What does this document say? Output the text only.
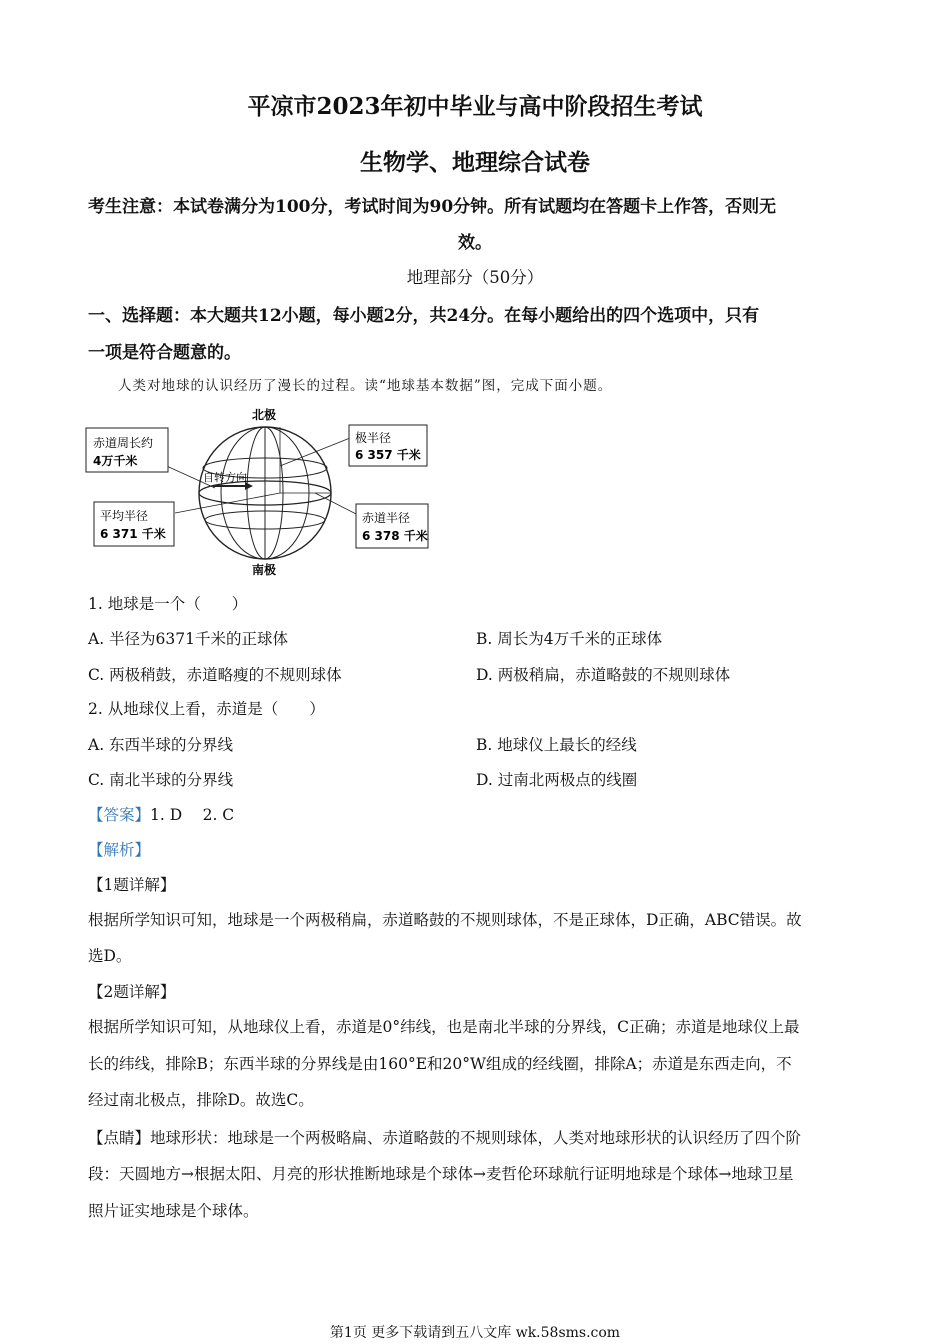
平凉市2023年初中毕业与高中阶段招生考试
生物学、地理综合试卷
考生注意：本试卷满分为100分，考试时间为90分钟。所有试题均在答题卡上作答，否则无
效。
地理部分（50分）
一、选择题：本大题共12小题，每小题2分，共24分。在每小题给出的四个选项中，只有
一项是符合题意的。
人类对地球的认识经历了漫长的过程。读“地球基本数据”图，完成下面小题。
北极
南极
赤道周长约
4万千米
极半径
6 357 千米
自转方向
平均半径
6 371 千米
赤道半径
6 378 千米
1. 地球是一个（　　）
A. 半径为6371千米的正球体	B. 周长为4万千米的正球体
C. 两极稍鼓，赤道略瘦的不规则球体	D. 两极稍扁，赤道略鼓的不规则球体
2. 从地球仪上看，赤道是（　　）
A. 东西半球的分界线	B. 地球仪上最长的经线
C. 南北半球的分界线	D. 过南北两极点的线圈
【答案】1. D　 2. C
【解析】
【1题详解】
根据所学知识可知，地球是一个两极稍扁，赤道略鼓的不规则球体，不是正球体，D正确，ABC错误。故
选D。
【2题详解】
根据所学知识可知，从地球仪上看，赤道是0°纬线，也是南北半球的分界线，C正确；赤道是地球仪上最
长的纬线，排除B；东西半球的分界线是由160°E和20°W组成的经线圈，排除A；赤道是东西走向，不
经过南北极点，排除D。故选C。
【点睛】地球形状：地球是一个两极略扁、赤道略鼓的不规则球体，人类对地球形状的认识经历了四个阶
段：天圆地方→根据太阳、月亮的形状推断地球是个球体→麦哲伦环球航行证明地球是个球体→地球卫星
照片证实地球是个球体。
第1页 更多下载请到五八文库 wk.58sms.com
